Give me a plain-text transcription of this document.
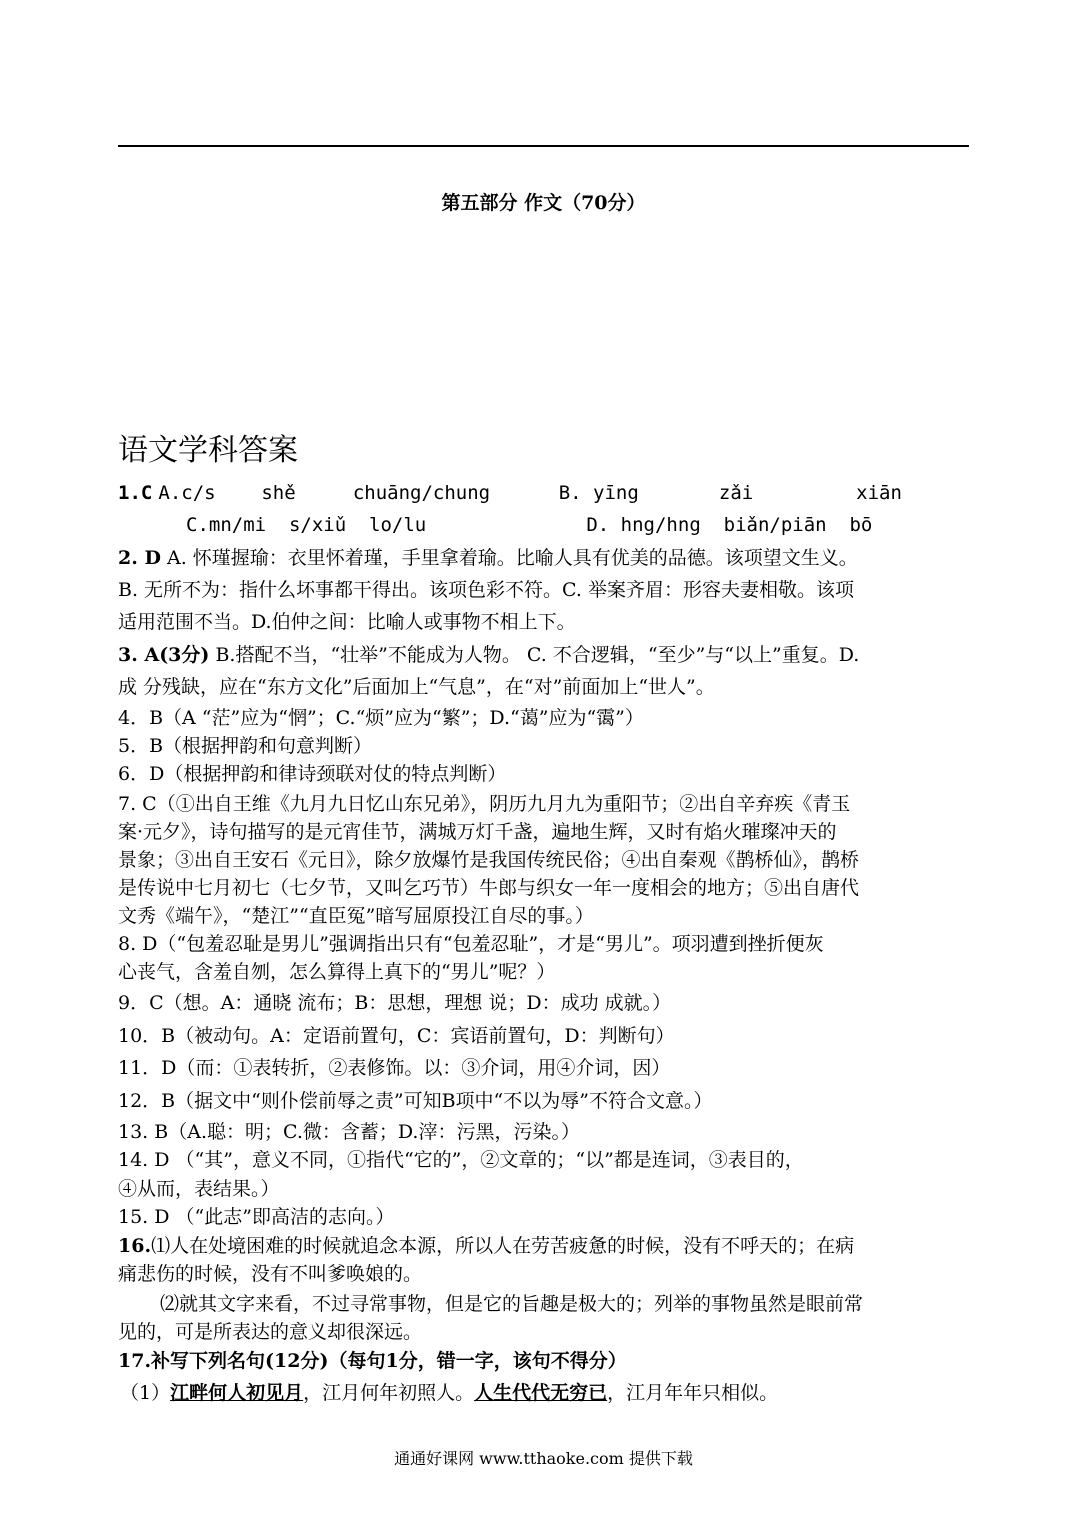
第五部分 作文（70分）
语文学科答案
1.C A.c/s    shě     chuāng/chung      B. yīng       zǎi         xiān
C.mn/mi  s/xiǔ  lo/lu              D. hng/hng  biǎn/piān  bō
2. D A. 怀瑾握瑜：衣里怀着瑾，手里拿着瑜。比喻人具有优美的品德。该项望文生义。
B. 无所不为：指什么坏事都干得出。该项色彩不符。C. 举案齐眉：形容夫妻相敬。该项
适用范围不当。D.伯仲之间：比喻人或事物不相上下。
3. A(3分) B.搭配不当，“壮举”不能成为人物。 C. 不合逻辑，“至少”与“以上”重复。D.
成 分残缺，应在“东方文化”后面加上“气息”，在“对”前面加上“世人”。
4．B（A “茫”应为“惘”；C.“烦”应为“繁”；D.“蔼”应为“霭”）
5．B（根据押韵和句意判断）
6．D（根据押韵和律诗颈联对仗的特点判断）
7. C（①出自王维《九月九日忆山东兄弟》，阴历九月九为重阳节；②出自辛弃疾《青玉
案·元夕》，诗句描写的是元宵佳节，满城万灯千盏，遍地生辉，又时有焰火璀璨冲天的
景象；③出自王安石《元日》，除夕放爆竹是我国传统民俗；④出自秦观《鹊桥仙》，鹊桥
是传说中七月初七（七夕节，又叫乞巧节）牛郎与织女一年一度相会的地方；⑤出自唐代
文秀《端午》，“楚江”“直臣冤”暗写屈原投江自尽的事。）
8. D（“包羞忍耻是男儿”强调指出只有“包羞忍耻”，才是“男儿”。项羽遭到挫折便灰
心丧气，含羞自刎，怎么算得上真下的“男儿”呢？）
9．C（想。A：通晓 流布；B：思想，理想 说；D：成功 成就。）
10．B（被动句。A：定语前置句，C：宾语前置句，D：判断句）
11．D（而：①表转折，②表修饰。以：③介词，用④介词，因）
12．B（据文中“则仆偿前辱之责”可知B项中“不以为辱”不符合文意。）
13. B（A.聪：明；C.微：含蓄；D.滓：污黑，污染。）
14. D （“其”，意义不同，①指代“它的”，②文章的；“以”都是连词，③表目的，
④从而，表结果。）
15. D （“此志”即高洁的志向。）
16.⑴人在处境困难的时候就追念本源，所以人在劳苦疲惫的时候，没有不呼天的；在病
痛悲伤的时候，没有不叫爹唤娘的。
⑵就其文字来看，不过寻常事物，但是它的旨趣是极大的；列举的事物虽然是眼前常
见的，可是所表达的意义却很深远。
17.补写下列名句(12分)（每句1分，错一字，该句不得分）
（1）江畔何人初见月，江月何年初照人。人生代代无穷已，江月年年只相似。
通通好课网 www.tthaoke.com 提供下载
